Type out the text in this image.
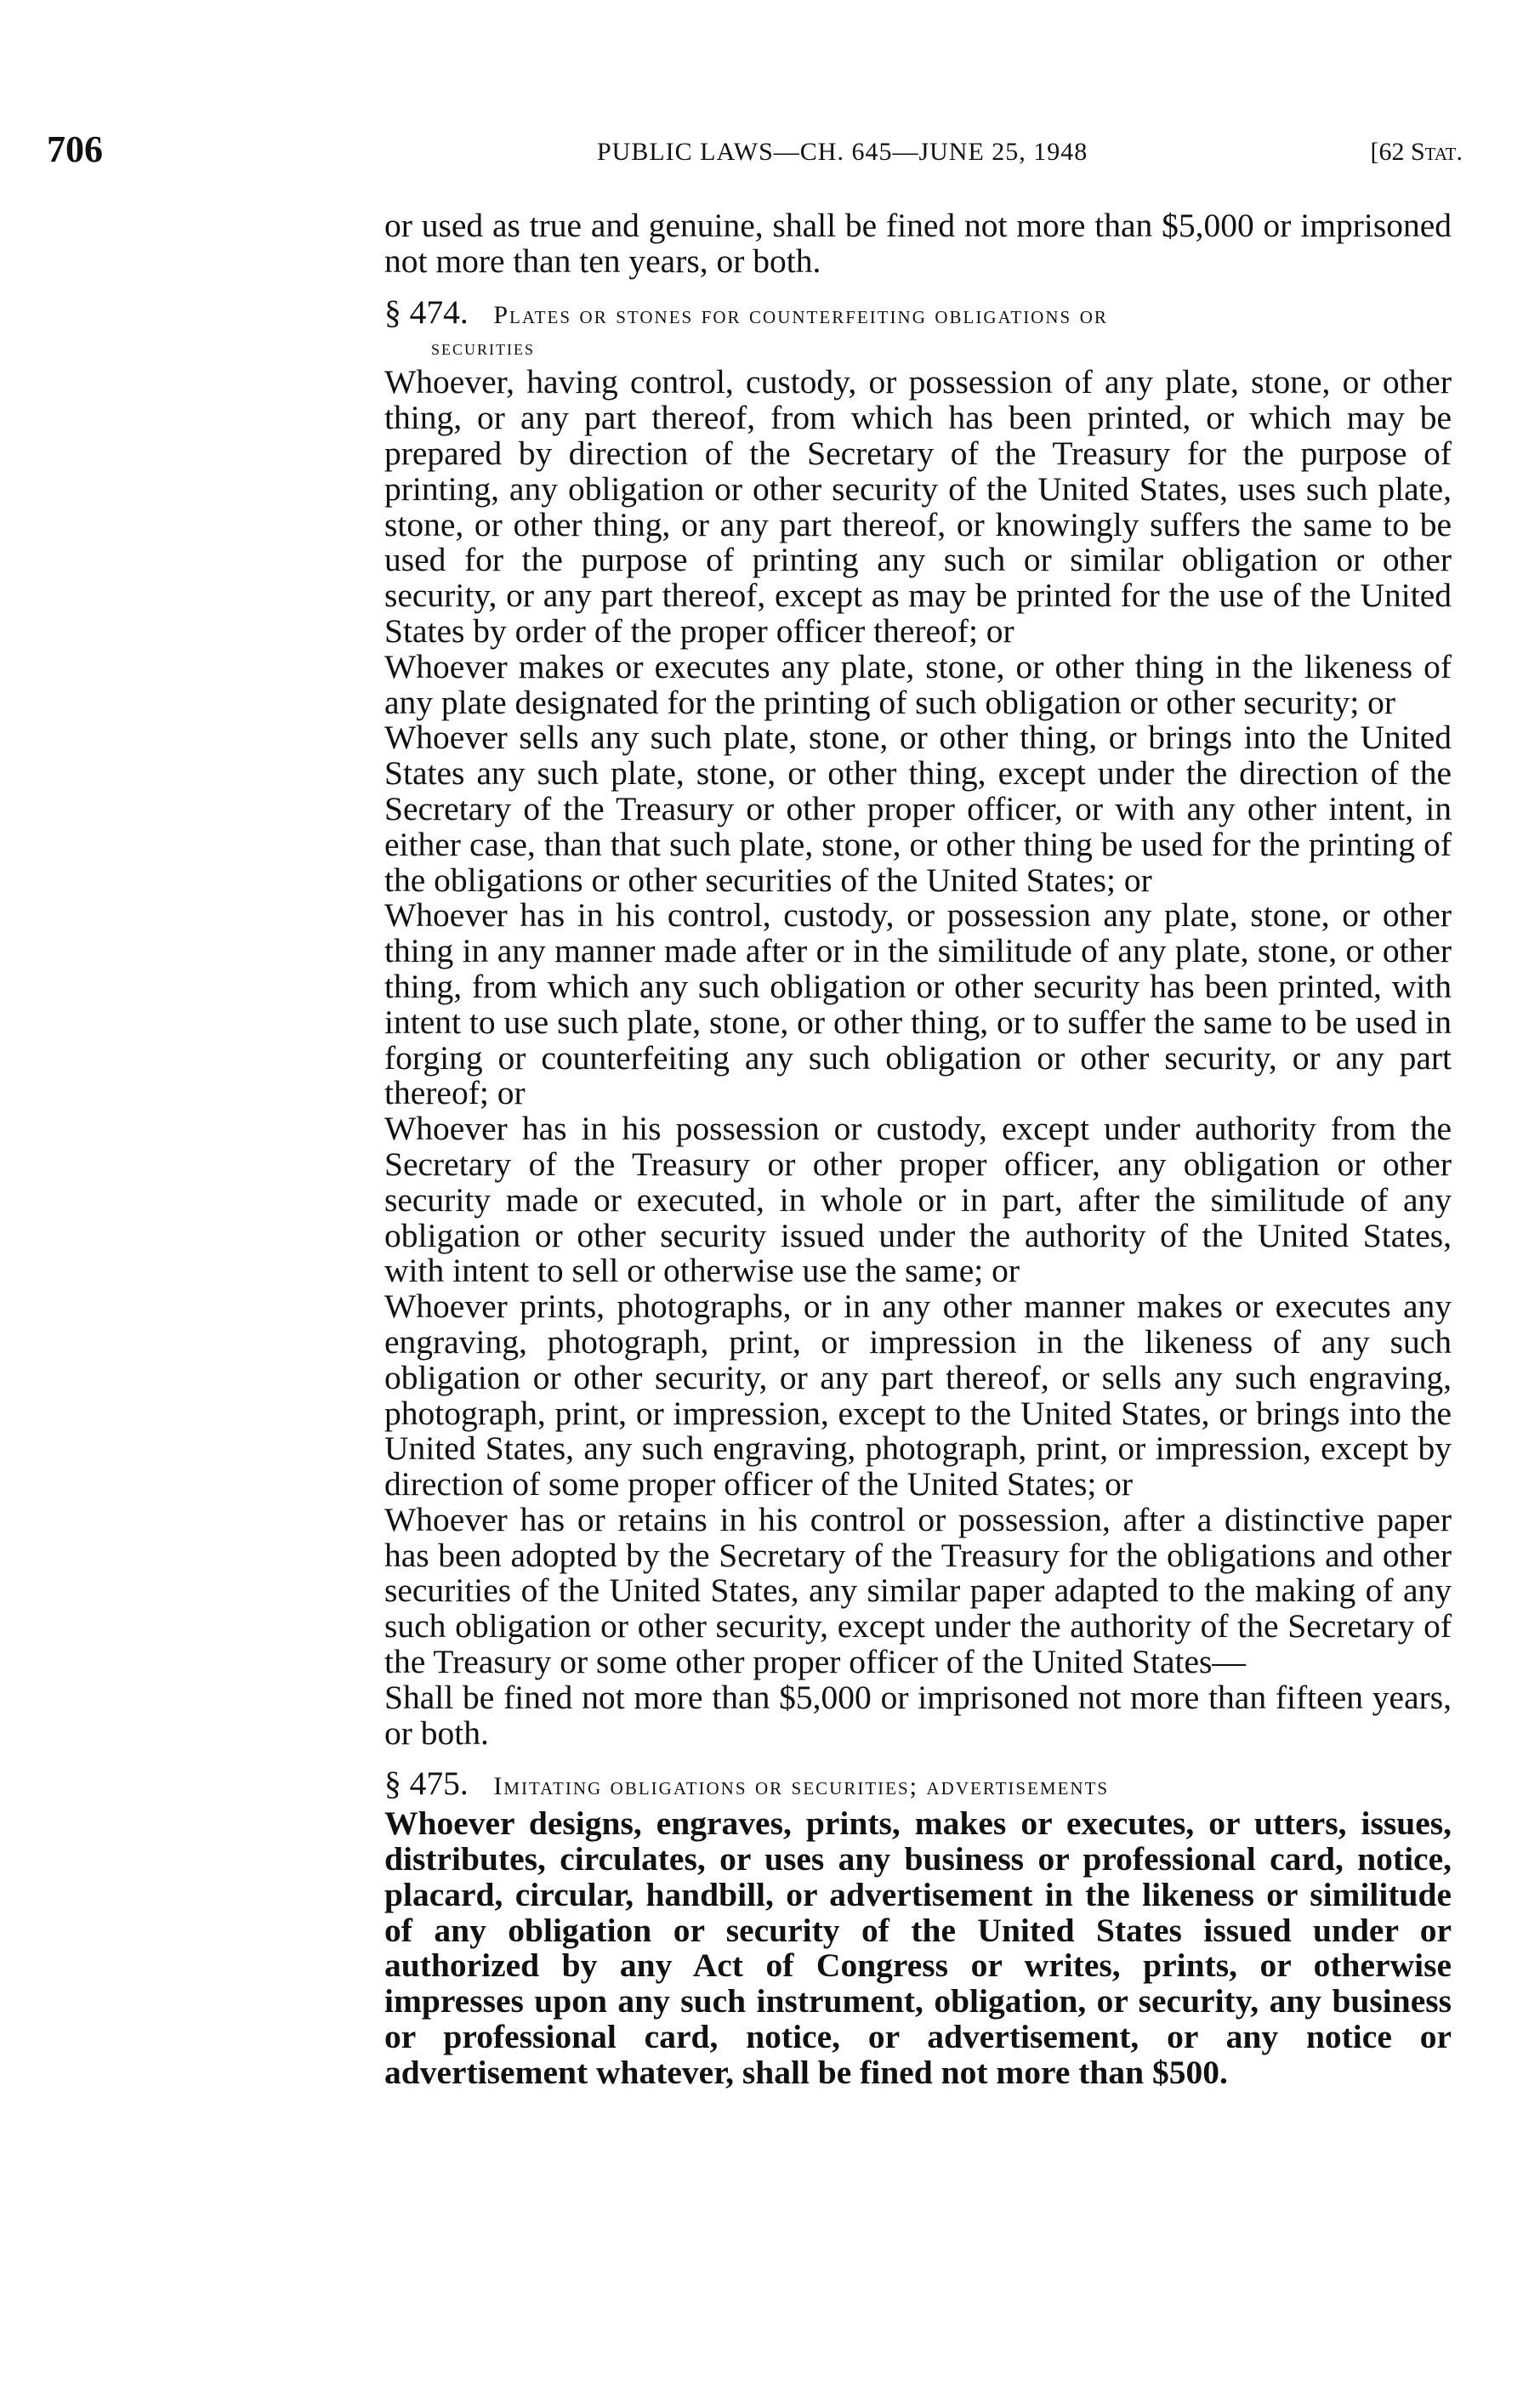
706	PUBLIC LAWS—CH. 645—JUNE 25, 1948	[62 Stat.

or used as true and genuine, shall be fined not more than $5,000 or imprisoned not more than ten years, or both.

§ 474. Plates or stones for counterfeiting obligations or
securities

Whoever, having control, custody, or possession of any plate, stone, or other thing, or any part thereof, from which has been printed, or which may be prepared by direction of the Secretary of the Treasury for the purpose of printing, any obligation or other security of the United States, uses such plate, stone, or other thing, or any part thereof, or knowingly suffers the same to be used for the purpose of printing any such or similar obligation or other security, or any part thereof, except as may be printed for the use of the United States by order of the proper officer thereof; or

Whoever makes or executes any plate, stone, or other thing in the likeness of any plate designated for the printing of such obligation or other security; or

Whoever sells any such plate, stone, or other thing, or brings into the United States any such plate, stone, or other thing, except under the direction of the Secretary of the Treasury or other proper officer, or with any other intent, in either case, than that such plate, stone, or other thing be used for the printing of the obligations or other securities of the United States; or

Whoever has in his control, custody, or possession any plate, stone, or other thing in any manner made after or in the similitude of any plate, stone, or other thing, from which any such obligation or other security has been printed, with intent to use such plate, stone, or other thing, or to suffer the same to be used in forging or counterfeiting any such obligation or other security, or any part thereof; or

Whoever has in his possession or custody, except under authority from the Secretary of the Treasury or other proper officer, any obligation or other security made or executed, in whole or in part, after the similitude of any obligation or other security issued under the authority of the United States, with intent to sell or otherwise use the same; or

Whoever prints, photographs, or in any other manner makes or executes any engraving, photograph, print, or impression in the likeness of any such obligation or other security, or any part thereof, or sells any such engraving, photograph, print, or impression, except to the United States, or brings into the United States, any such engraving, photograph, print, or impression, except by direction of some proper officer of the United States; or

Whoever has or retains in his control or possession, after a distinctive paper has been adopted by the Secretary of the Treasury for the obligations and other securities of the United States, any similar paper adapted to the making of any such obligation or other security, except under the authority of the Secretary of the Treasury or some other proper officer of the United States—

Shall be fined not more than $5,000 or imprisoned not more than fifteen years, or both.

§ 475. Imitating obligations or securities; advertisements

Whoever designs, engraves, prints, makes or executes, or utters, issues, distributes, circulates, or uses any business or professional card, notice, placard, circular, handbill, or advertisement in the likeness or similitude of any obligation or security of the United States issued under or authorized by any Act of Congress or writes, prints, or otherwise impresses upon any such instrument, obligation, or security, any business or professional card, notice, or advertisement, or any notice or advertisement whatever, shall be fined not more than $500.
